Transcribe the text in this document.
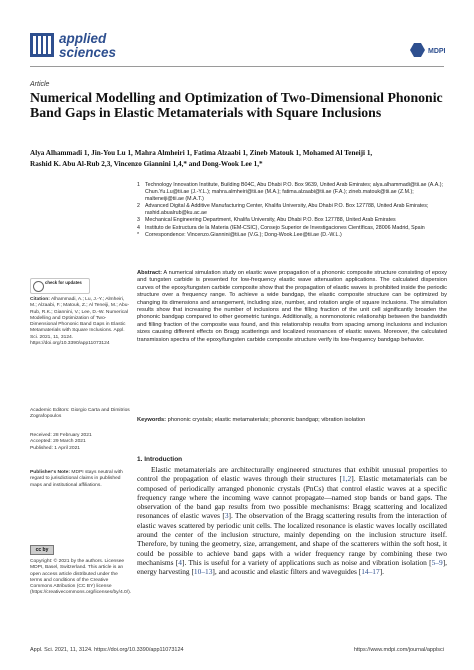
applied
sciences	MDPI
Article
Numerical Modelling and Optimization of Two-Dimensional Phononic Band Gaps in Elastic Metamaterials with Square Inclusions
Alya Alhammadi 1, Jin-You Lu 1, Mahra Almheiri 1, Fatima Alzaabi 1, Zineb Matouk 1, Mohamed Al Teneiji 1,
Rashid K. Abu Al-Rub 2,3, Vincenzo Giannini 1,4,* and Dong-Wook Lee 1,*
1 Technology Innovation Institute, Building B04C, Abu Dhabi P.O. Box 9639, United Arab Emirates; alya.alhammadi@tii.ae (A.A.); Chun.Yu.Lu@tii.ae (J.-Y.L.); mahra.almheiri@tii.ae (M.A.); fatima.alzaabi@tii.ae (F.A.); zineb.matouk@tii.ae (Z.M.); malteneiji@tii.ae (M.A.T.)
2 Advanced Digital & Additive Manufacturing Center, Khalifa University, Abu Dhabi P.O. Box 127788, United Arab Emirates; rashid.abualrub@ku.ac.ae
3 Mechanical Engineering Department, Khalifa University, Abu Dhabi P.O. Box 127788, United Arab Emirates
4 Instituto de Estructura de la Materia (IEM-CSIC), Consejo Superior de Investigaciones Científicas, 28006 Madrid, Spain
* Correspondence: Vincenzo.Giannini@tii.ae (V.G.); Dong-Wook.Lee@tii.ae (D.-W.L.)
Abstract: A numerical simulation study on elastic wave propagation of a phononic composite structure consisting of epoxy and tungsten carbide is presented for low-frequency elastic wave attenuation applications. The calculated dispersion curves of the epoxy/tungsten carbide composite show that the propagation of elastic waves is prohibited inside the periodic structure over a frequency range. To achieve a wide bandgap, the elastic composite structure can be optimized by changing its dimensions and arrangement, including size, number, and rotation angle of square inclusions. The simulation results show that increasing the number of inclusions and the filling fraction of the unit cell significantly broaden the phononic bandgap compared to other geometric tunings. Additionally, a nonmonotonic relationship between the bandwidth and filling fraction of the composite was found, and this relationship results from spacing among inclusions and inclusion sizes causing different effects on Bragg scatterings and localized resonances of elastic waves. Moreover, the calculated transmission spectra of the epoxy/tungsten carbide composite structure verify its low-frequency bandgap behavior.
Keywords: phononic crystals; elastic metamaterials; phononic bandgap; vibration isolation
check for updates
Citation: Alhammadi, A.; Lu, J.-Y.; Almheiri, M.; Alzaabi, F.; Matouk, Z.; Al Teneiji, M.; Abu-Rub, R.K.; Giannini, V.; Lee, D.-W. Numerical Modelling and Optimization of Two-Dimensional Phononic Band Gaps in Elastic Metamaterials with Square Inclusions. Appl. Sci. 2021, 11, 3124. https://doi.org/10.3390/app11073124
Academic Editors: Giorgio Carta and Dimitrios Zografopoulos
Received: 28 February 2021
Accepted: 29 March 2021
Published: 1 April 2021
Publisher's Note: MDPI stays neutral with regard to jurisdictional claims in published maps and institutional affiliations.
cc by
Copyright: © 2021 by the authors. Licensee MDPI, Basel, Switzerland. This article is an open access article distributed under the terms and conditions of the Creative Commons Attribution (CC BY) license (https://creativecommons.org/licenses/by/4.0/).
1. Introduction

Elastic metamaterials are architecturally engineered structures that exhibit unusual properties to control the propagation of elastic waves through their structures [1,2]. Elastic metamaterials can be composed of periodically arranged phononic crystals (PnCs) that control elastic waves at a specific frequency range where the incoming wave cannot propagate—named stop bands or band gaps. The observation of the band gap results from two possible mechanisms: Bragg scattering and localized resonances of elastic waves [3]. The observation of the Bragg scattering results from the interaction of elastic waves scattered by periodic unit cells. The localized resonance is elastic waves locally oscillated around the center of the inclusion structure, mainly depending on the inclusion structure itself. Therefore, by tuning the geometry, size, arrangement, and shape of the scatterers within the soft host, it could be possible to achieve band gaps with a wider frequency range by combining these two mechanisms [4]. This is useful for a variety of applications such as noise and vibration isolation [5–9], energy harvesting [10–13], and acoustic and elastic filters and waveguides [14–17].

Appl. Sci. 2021, 11, 3124. https://doi.org/10.3390/app11073124	https://www.mdpi.com/journal/applsci
